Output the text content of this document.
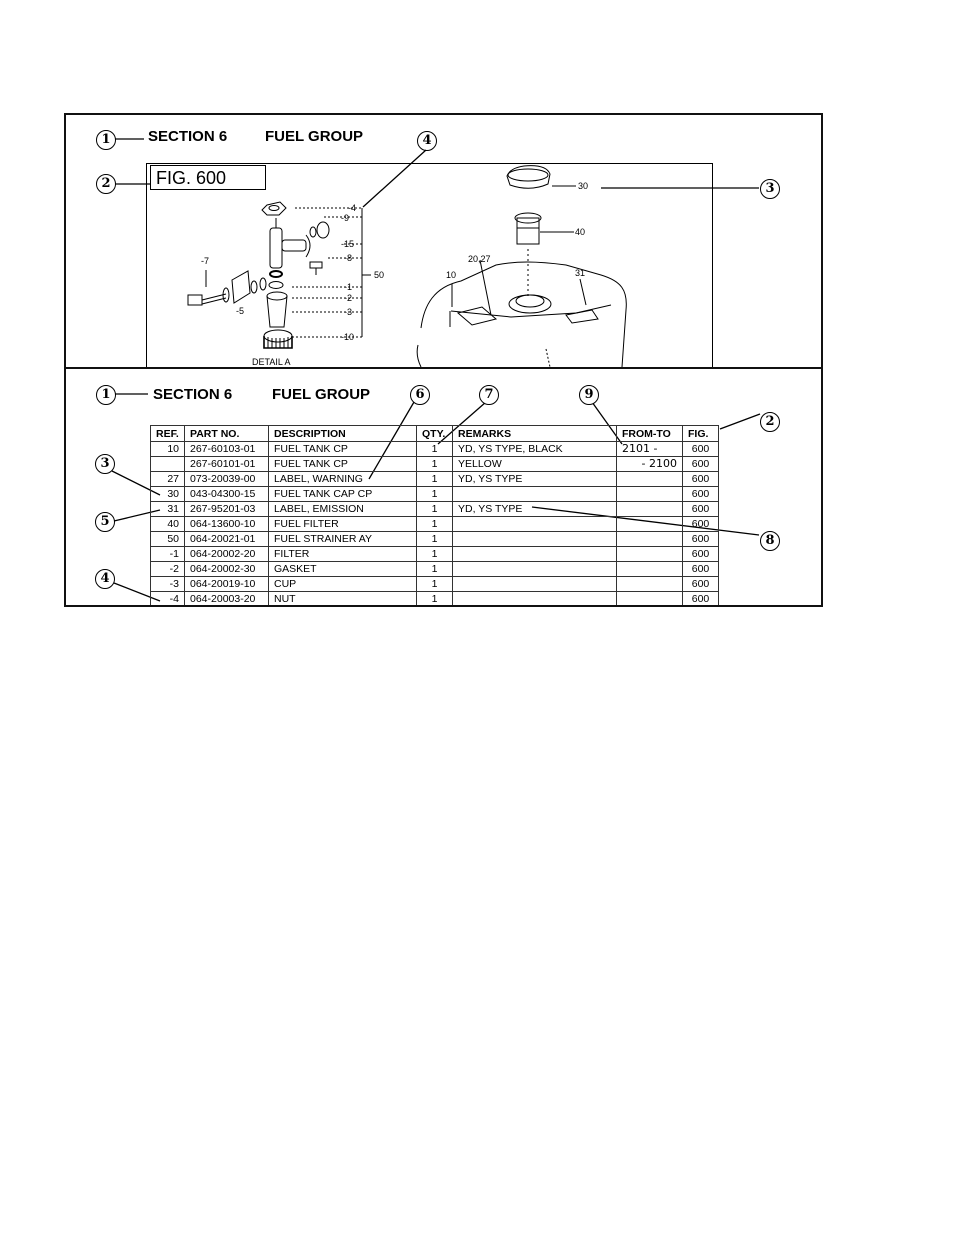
1	SECTION 6	FUEL GROUP	4
2	3
FIG. 600
-4
-9
-15
-8
50
-1
-2
-3
-10
-7
-5
DETAIL A
30
40
20,27
10	31
1	SECTION 6	FUEL GROUP	6	7	9
2
3
5
8
4
REF.	PART NO.	DESCRIPTION	QTY.	REMARKS	FROM-TO	FIG.
10	267-60103-01	FUEL TANK CP	1	YD, YS TYPE, BLACK	2101 -	600
	267-60101-01	FUEL TANK CP	1	YELLOW	- 2100	600
27	073-20039-00	LABEL, WARNING	1	YD, YS TYPE		600
30	043-04300-15	FUEL TANK CAP CP	1			600
31	267-95201-03	LABEL, EMISSION	1	YD, YS TYPE		600
40	064-13600-10	FUEL FILTER	1			600
50	064-20021-01	FUEL STRAINER AY	1			600
-1	064-20002-20	FILTER	1			600
-2	064-20002-30	GASKET	1			600
-3	064-20019-10	CUP	1			600
-4	064-20003-20	NUT	1			600
